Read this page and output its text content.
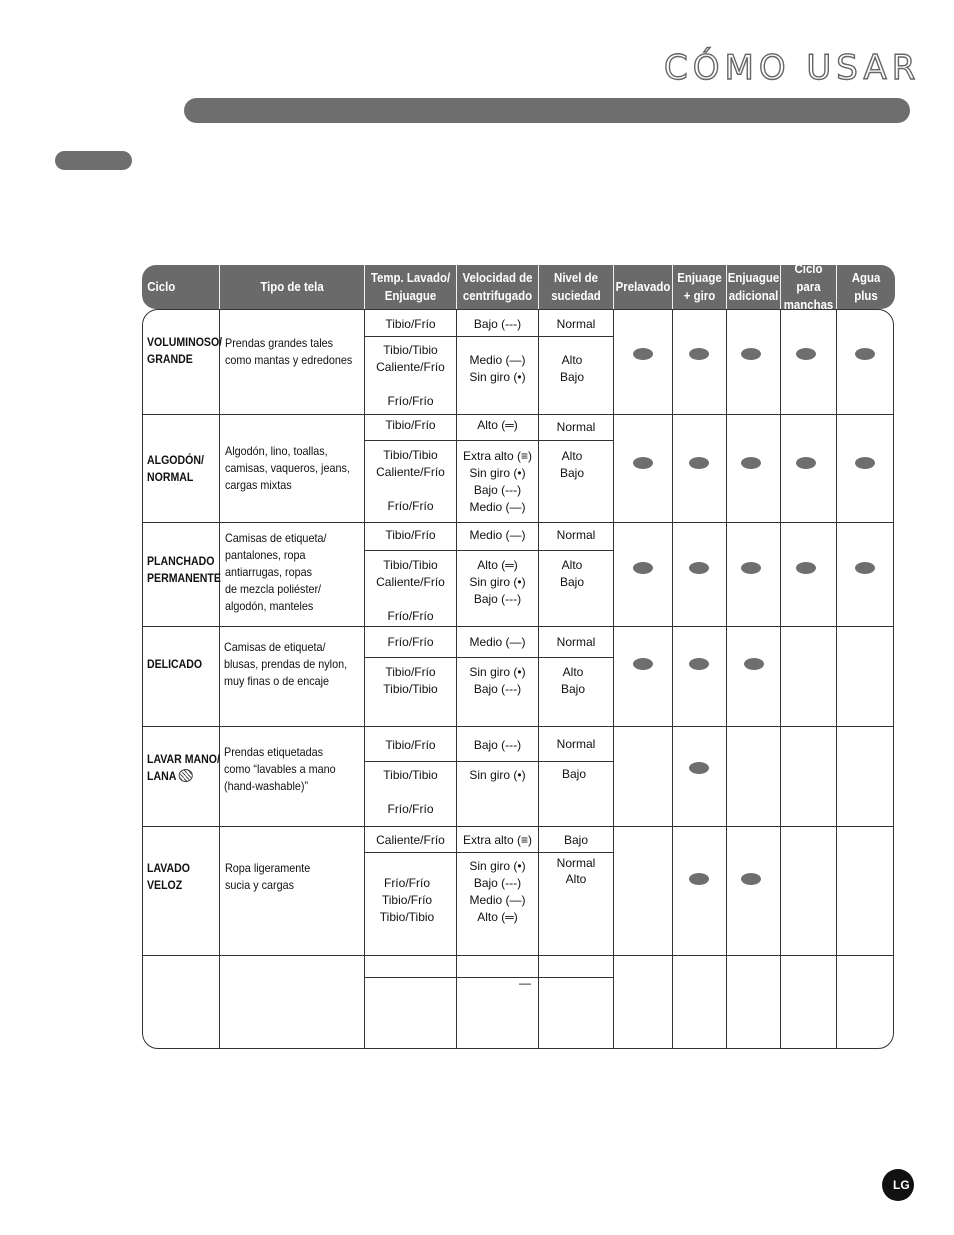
CÓMO USAR
Ciclo	Tipo de tela
Temp. Lavado/
Enjuague
Velocidad de
centrifugado
Nivel de
suciedad
Prelavado
Enjuage
+ giro
Enjuague
adicional
Ciclo para
manchas
Agua
plus
VOLUMINOSO/
GRANDE
Prendas grandes tales
como mantas y edredones
Tibio/Frío
Tibio/Tibio
Caliente/Frío

Frío/Frío
Bajo (---)
Medio (—)
Sin giro (•)
Normal
Alto
Bajo
ALGODÓN/
NORMAL
Algodón, lino, toallas,
camisas, vaqueros, jeans,
cargas mixtas
Tibio/Frío
Tibio/Tibio
Caliente/Frío

Frío/Frío
Alto (═)
Extra alto (≡)
Sin giro (•)
Bajo (---)
Medio (—)
Normal
Alto
Bajo
PLANCHADO
PERMANENTE
Camisas de etiqueta/
pantalones, ropa
antiarrugas, ropas
de mezcla poliéster/
algodón, manteles
Tibio/Frío
Tibio/Tibio
Caliente/Frío

Frío/Frío
Medio (—)
Alto (═)
Sin giro (•)
Bajo (---)
Normal
Alto
Bajo
DELICADO
Camisas de etiqueta/
blusas, prendas de nylon,
muy finas o de encaje
Frío/Frío
Tibio/Frío
Tibio/Tibio
Medio (—)
Sin giro (•)
Bajo (---)
Normal
Alto
Bajo
LAVAR MANO/
LANA
Prendas etiquetadas
como “lavables a mano
(hand-washable)”
Tibio/Frío
Tibio/Tibio

Frío/Frío
Bajo (---)
Sin giro (•)
Normal
Bajo
LAVADO
VELOZ
Ropa ligeramente
sucia y cargas
Caliente/Frío
Frío/Frío
Tibio/Frío
Tibio/Tibio
Extra alto (≡)
Sin giro (•)
Bajo (---)
Medio (—)
Alto (═)
Bajo
Normal
Alto
—
LG
